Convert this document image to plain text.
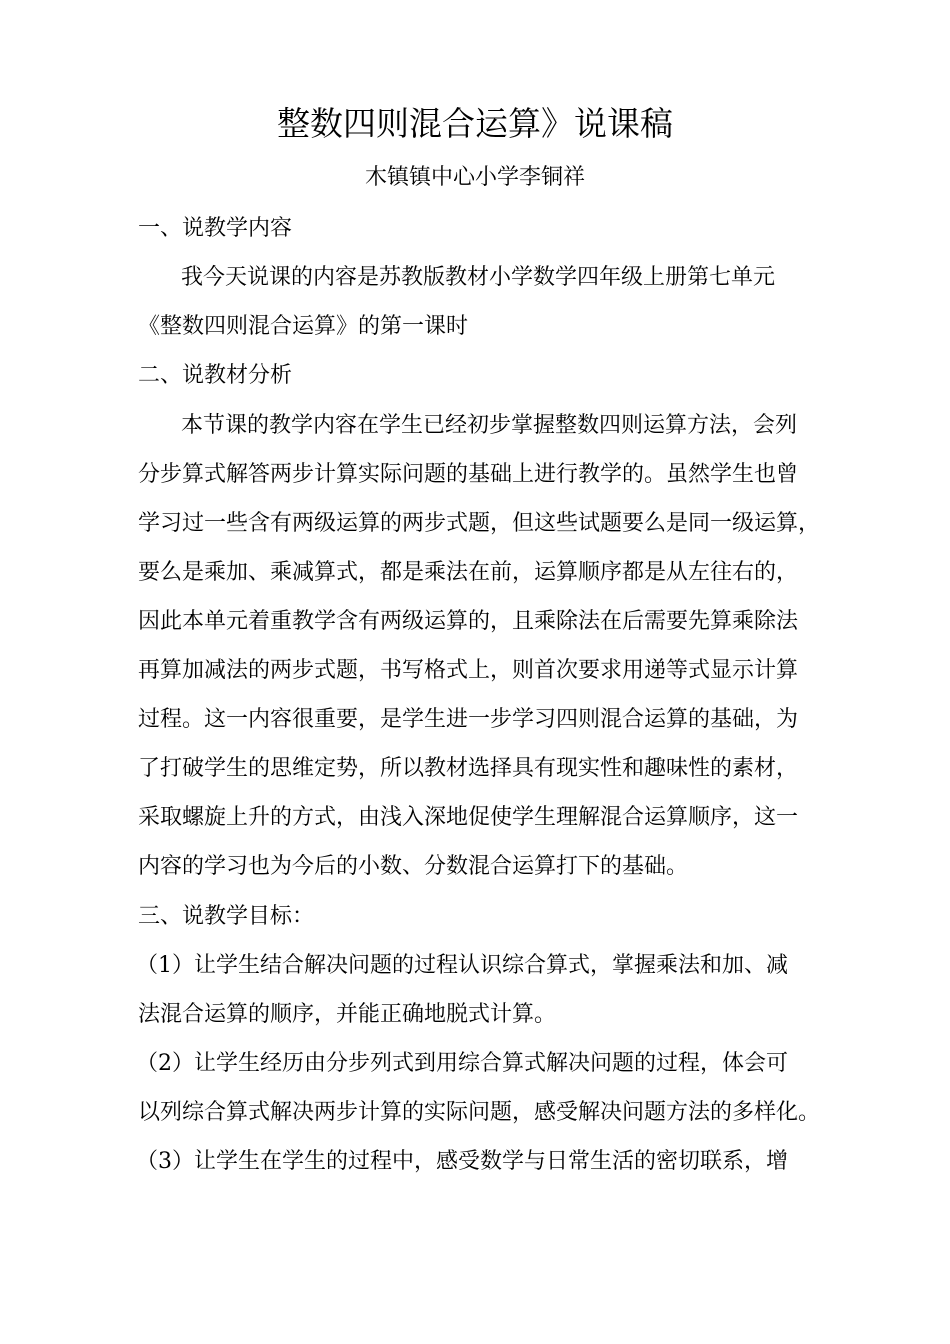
整数四则混合运算》说课稿
木镇镇中心小学李铜祥
一、说教学内容
我今天说课的内容是苏教版教材小学数学四年级上册第七单元
《整数四则混合运算》的第一课时
二、说教材分析
本节课的教学内容在学生已经初步掌握整数四则运算方法，会列
分步算式解答两步计算实际问题的基础上进行教学的。虽然学生也曾
学习过一些含有两级运算的两步式题，但这些试题要么是同一级运算，
要么是乘加、乘减算式，都是乘法在前，运算顺序都是从左往右的，
因此本单元着重教学含有两级运算的，且乘除法在后需要先算乘除法
再算加减法的两步式题，书写格式上，则首次要求用递等式显示计算
过程。这一内容很重要，是学生进一步学习四则混合运算的基础，为
了打破学生的思维定势，所以教材选择具有现实性和趣味性的素材，
采取螺旋上升的方式，由浅入深地促使学生理解混合运算顺序，这一
内容的学习也为今后的小数、分数混合运算打下的基础。
三、说教学目标：
（1）让学生结合解决问题的过程认识综合算式，掌握乘法和加、减
法混合运算的顺序，并能正确地脱式计算。
（2）让学生经历由分步列式到用综合算式解决问题的过程，体会可
以列综合算式解决两步计算的实际问题，感受解决问题方法的多样化。
（3）让学生在学生的过程中，感受数学与日常生活的密切联系，增
